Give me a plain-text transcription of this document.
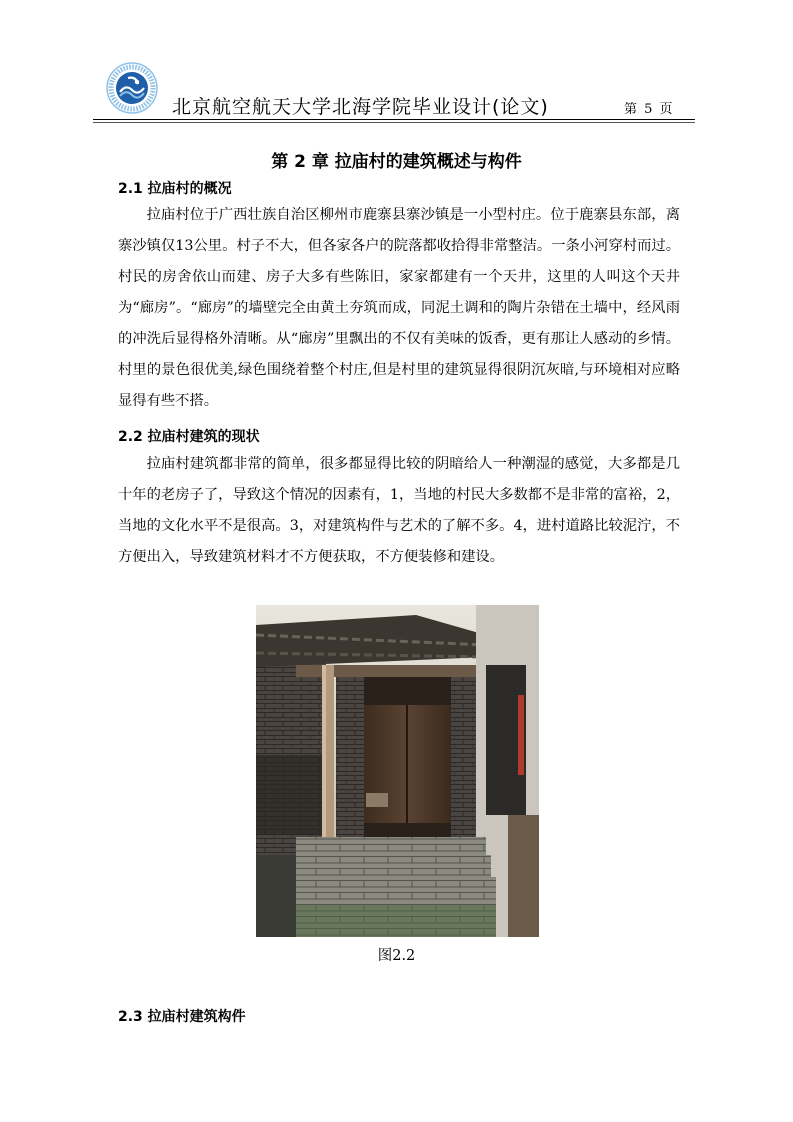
北京航空航天大学北海学院毕业设计(论文)	第 5 页
第 2 章 拉庙村的建筑概述与构件
2.1 拉庙村的概况

拉庙村位于广西壮族自治区柳州市鹿寨县寨沙镇是一小型村庄。位于鹿寨县东部，离寨沙镇仅13公里。村子不大，但各家各户的院落都收拾得非常整洁。一条小河穿村而过。村民的房舍依山而建、房子大多有些陈旧，家家都建有一个天井，这里的人叫这个天井为“廊房”。“廊房”的墙壁完全由黄土夯筑而成，同泥土调和的陶片杂错在土墙中，经风雨的冲洗后显得格外清晰。从“廊房”里飘出的不仅有美味的饭香，更有那让人感动的乡情。村里的景色很优美,绿色围绕着整个村庄,但是村里的建筑显得很阴沉灰暗,与环境相对应略显得有些不搭。

2.2 拉庙村建筑的现状

拉庙村建筑都非常的简单，很多都显得比较的阴暗给人一种潮湿的感觉，大多都是几十年的老房子了，导致这个情况的因素有，1，当地的村民大多数都不是非常的富裕，2，当地的文化水平不是很高。3，对建筑构件与艺术的了解不多。4，进村道路比较泥泞，不方便出入，导致建筑材料才不方便获取，不方便装修和建设。

图2.2
2.3 拉庙村建筑构件
